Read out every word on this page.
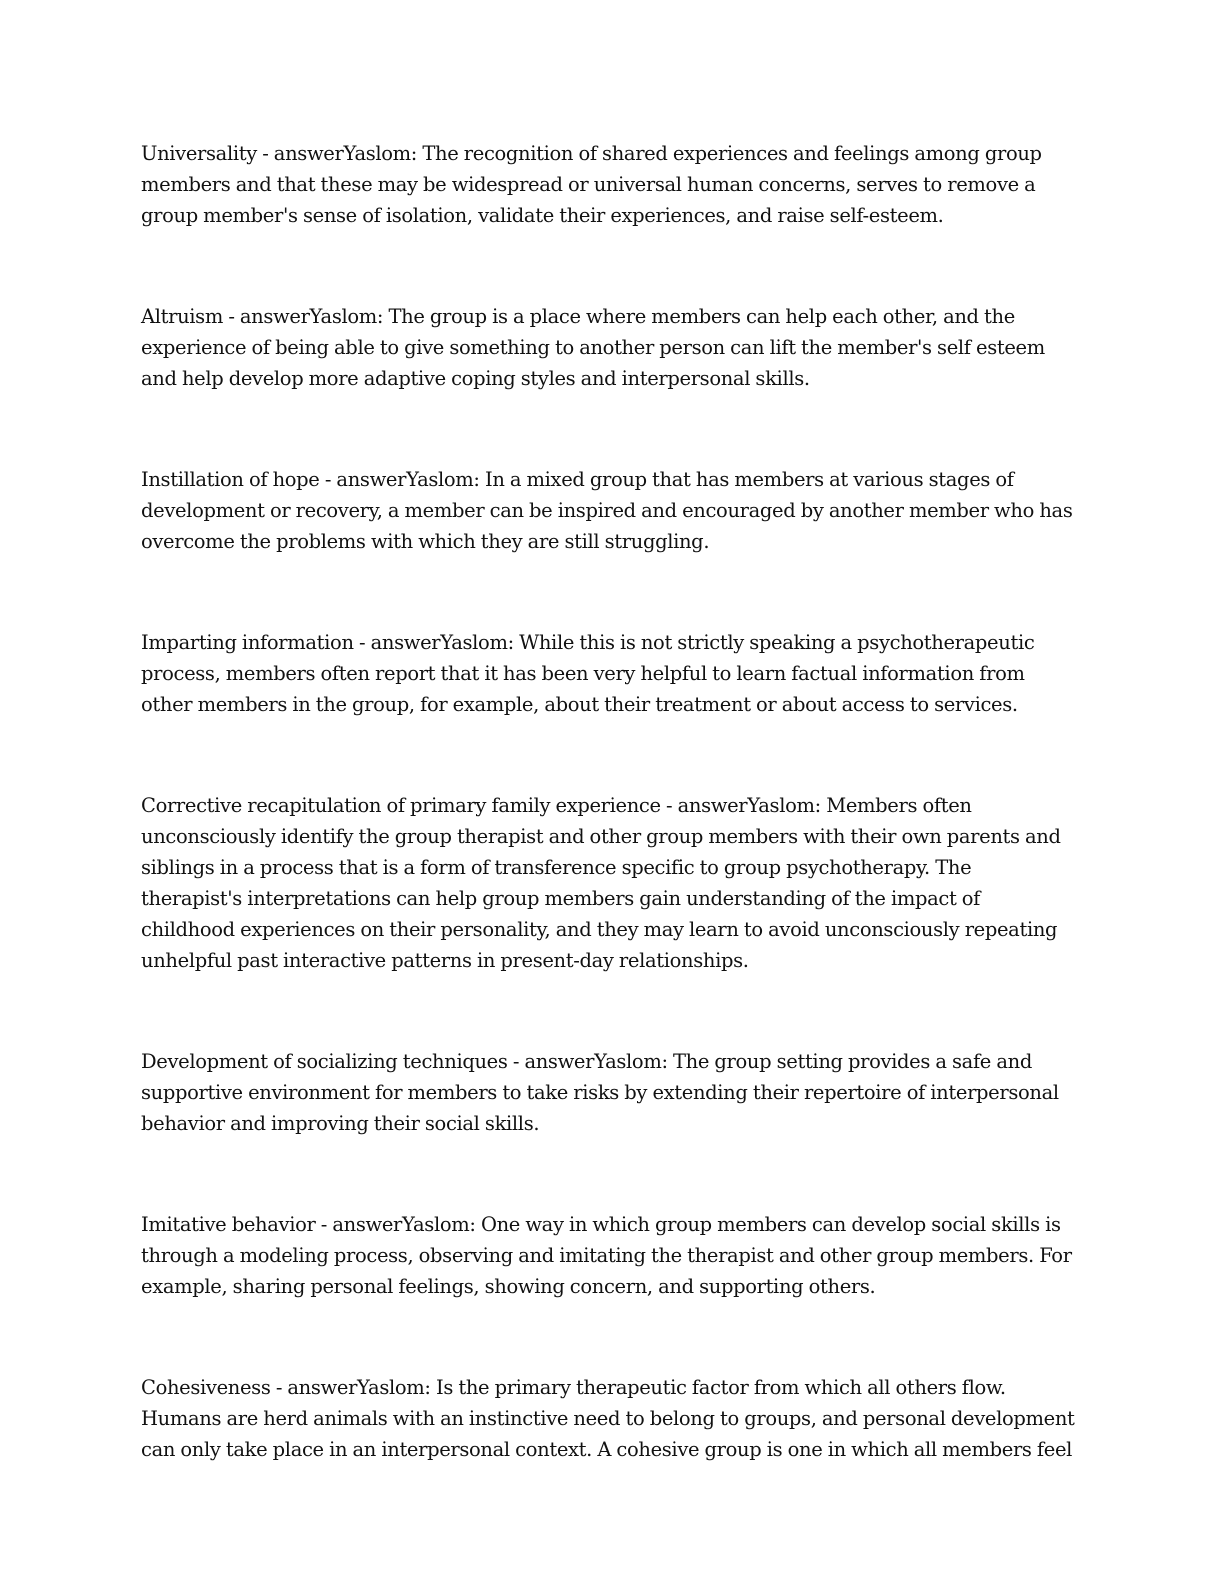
Universality - answerYaslom: The recognition of shared experiences and feelings among group members and that these may be widespread or universal human concerns, serves to remove a group member's sense of isolation, validate their experiences, and raise self-esteem.

Altruism - answerYaslom: The group is a place where members can help each other, and the experience of being able to give something to another person can lift the member's self esteem and help develop more adaptive coping styles and interpersonal skills.

Instillation of hope - answerYaslom: In a mixed group that has members at various stages of development or recovery, a member can be inspired and encouraged by another member who has overcome the problems with which they are still struggling.

Imparting information - answerYaslom: While this is not strictly speaking a psychotherapeutic process, members often report that it has been very helpful to learn factual information from other members in the group, for example, about their treatment or about access to services.

Corrective recapitulation of primary family experience - answerYaslom: Members often unconsciously identify the group therapist and other group members with their own parents and siblings in a process that is a form of transference specific to group psychotherapy. The therapist's interpretations can help group members gain understanding of the impact of childhood experiences on their personality, and they may learn to avoid unconsciously repeating unhelpful past interactive patterns in present-day relationships.

Development of socializing techniques - answerYaslom: The group setting provides a safe and supportive environment for members to take risks by extending their repertoire of interpersonal behavior and improving their social skills.

Imitative behavior - answerYaslom: One way in which group members can develop social skills is through a modeling process, observing and imitating the therapist and other group members. For example, sharing personal feelings, showing concern, and supporting others.

Cohesiveness - answerYaslom: Is the primary therapeutic factor from which all others flow. Humans are herd animals with an instinctive need to belong to groups, and personal development can only take place in an interpersonal context. A cohesive group is one in which all members feel
